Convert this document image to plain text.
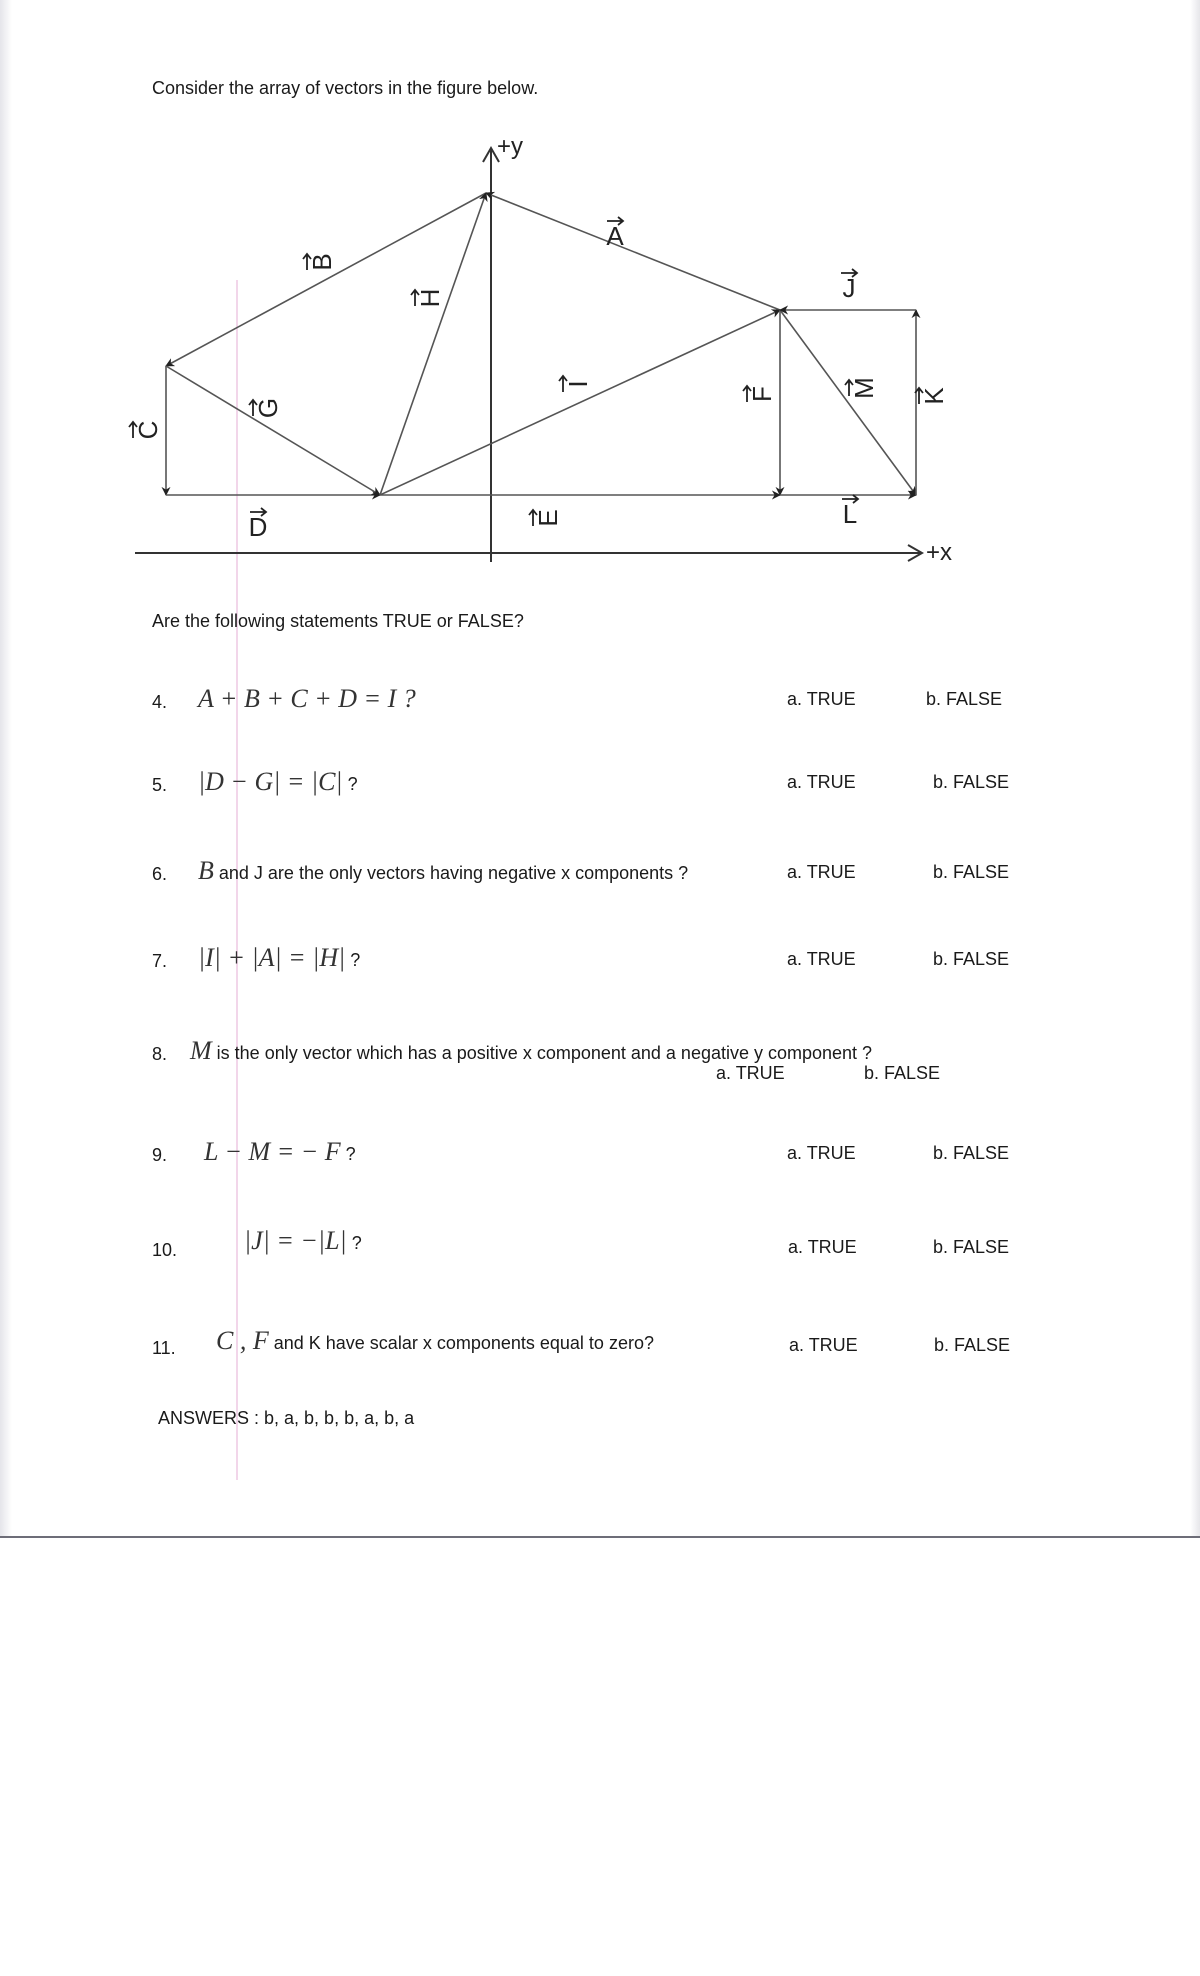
Consider the array of vectors in the figure below.
+x
+y
A
B
C
D	E
F
G
H
I
J
K
L
M
Are the following statements TRUE or FALSE?
4. A + B + C + D = I ?	a. TRUE	b. FALSE
5. |D − G| = |C| ?	a. TRUE	b. FALSE
6. B and J are the only vectors having negative x components ?	a. TRUE	b. FALSE
7. |I| + |A| = |H| ?	a. TRUE	b. FALSE
8. M is the only vector which has a positive x component and a negative y component ?
a. TRUE	b. FALSE
9. L − M = − F ?	a. TRUE	b. FALSE
10.	|J| = −|L| ?	a. TRUE	b. FALSE
11. C , F and K have scalar x components equal to zero?	a. TRUE	b. FALSE
ANSWERS : b, a, b, b, b, a, b, a
